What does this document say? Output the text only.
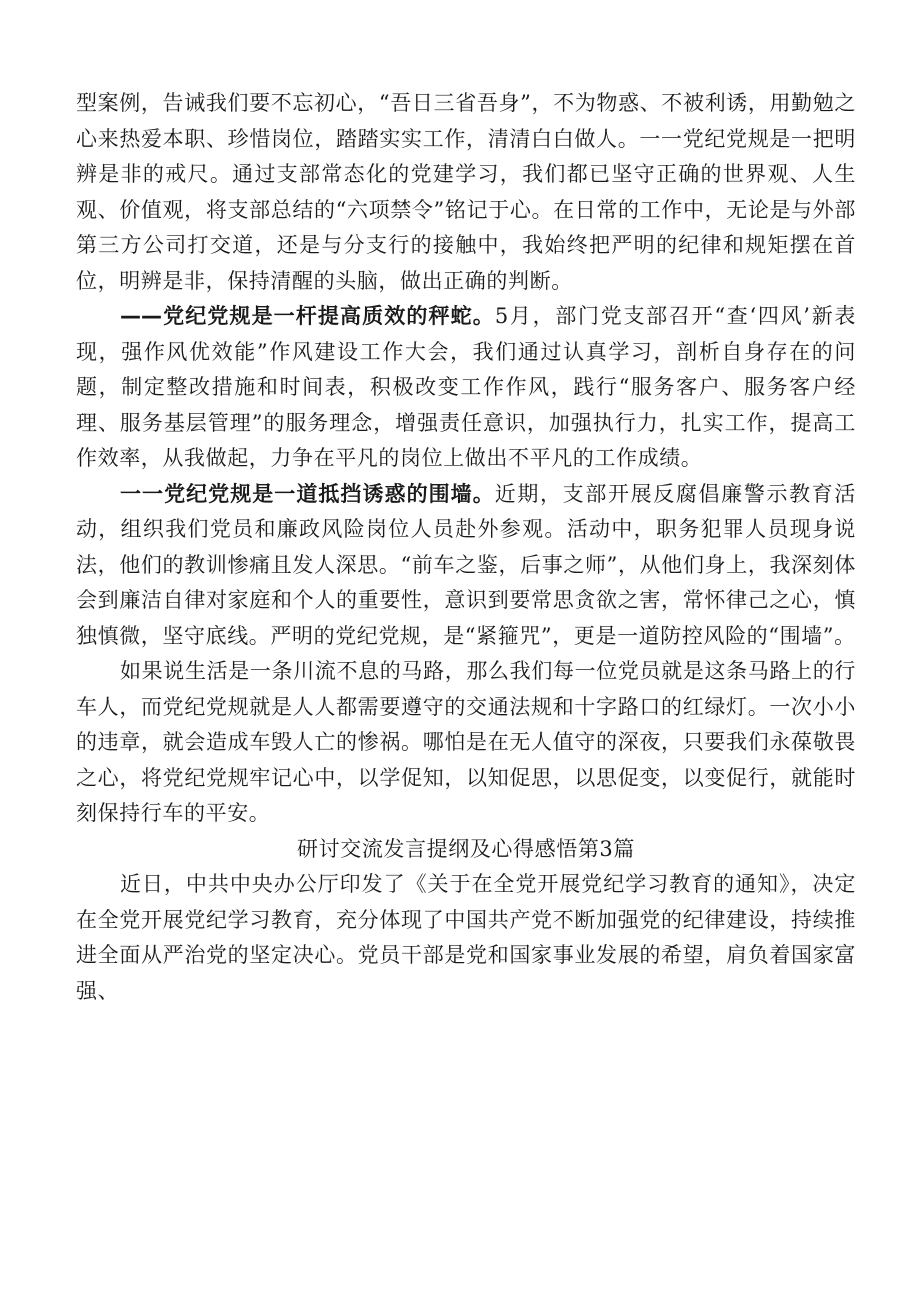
型案例，告诫我们要不忘初心，“吾日三省吾身”，不为物惑、不被利诱，用勤勉之心来热爱本职、珍惜岗位，踏踏实实工作，清清白白做人。一一党纪党规是一把明辨是非的戒尺。通过支部常态化的党建学习，我们都已坚守正确的世界观、人生观、价值观，将支部总结的“六项禁令”铭记于心。在日常的工作中，无论是与外部第三方公司打交道，还是与分支行的接触中，我始终把严明的纪律和规矩摆在首位，明辨是非，保持清醒的头脑，做出正确的判断。

——党纪党规是一杆提高质效的秤蛇。5月，部门党支部召开“查‘四风’新表现，强作风优效能”作风建设工作大会，我们通过认真学习，剖析自身存在的问题，制定整改措施和时间表，积极改变工作作风，践行“服务客户、服务客户经理、服务基层管理”的服务理念，增强责任意识，加强执行力，扎实工作，提高工作效率，从我做起，力争在平凡的岗位上做出不平凡的工作成绩。

一一党纪党规是一道抵挡诱惑的围墙。近期，支部开展反腐倡廉警示教育活动，组织我们党员和廉政风险岗位人员赴外参观。活动中，职务犯罪人员现身说法，他们的教训惨痛且发人深思。“前车之鉴，后事之师”，从他们身上，我深刻体会到廉洁自律对家庭和个人的重要性，意识到要常思贪欲之害，常怀律己之心，慎独慎微，坚守底线。严明的党纪党规，是“紧箍咒”，更是一道防控风险的“围墙”。

如果说生活是一条川流不息的马路，那么我们每一位党员就是这条马路上的行车人，而党纪党规就是人人都需要遵守的交通法规和十字路口的红绿灯。一次小小的违章，就会造成车毁人亡的惨祸。哪怕是在无人值守的深夜，只要我们永葆敬畏之心，将党纪党规牢记心中，以学促知，以知促思，以思促变，以变促行，就能时刻保持行车的平安。

研讨交流发言提纲及心得感悟第3篇

近日，中共中央办公厅印发了《关于在全党开展党纪学习教育的通知》，决定在全党开展党纪学习教育，充分体现了中国共产党不断加强党的纪律建设，持续推进全面从严治党的坚定决心。党员干部是党和国家事业发展的希望，肩负着国家富强、
